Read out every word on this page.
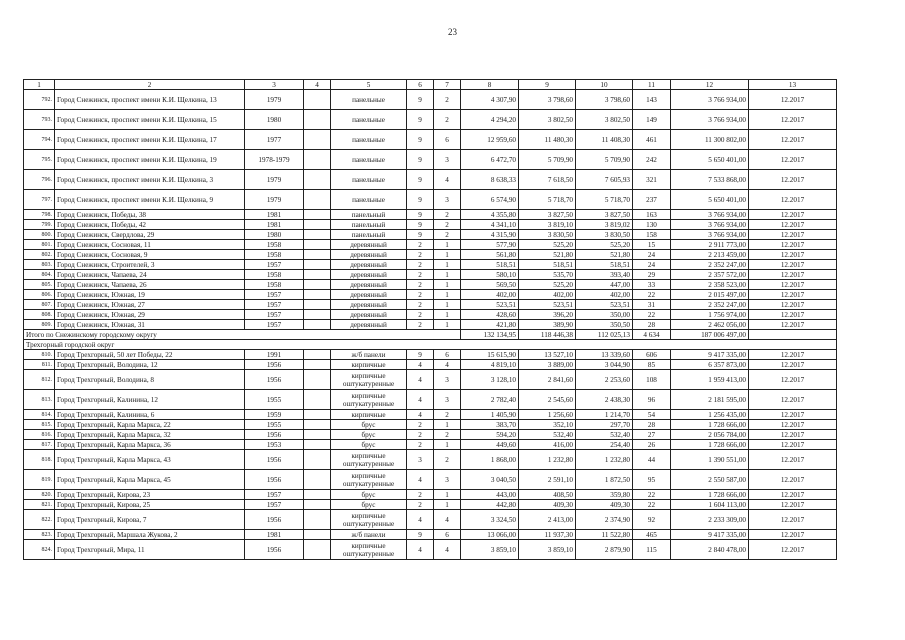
23
1	2	3	4	5	6	7	8	9	10	11	12	13
792.	Город Снежинск, проспект имени К.И. Щелкина, 13	1979		панельные	9	2	4 307,90	3 798,60	3 798,60	143	3 766 934,00	12.2017
793.	Город Снежинск, проспект имени К.И. Щелкина, 15	1980		панельные	9	2	4 294,20	3 802,50	3 802,50	149	3 766 934,00	12.2017
794.	Город Снежинск, проспект имени К.И. Щелкина, 17	1977		панельные	9	6	12 959,60	11 480,30	11 408,30	461	11 300 802,00	12.2017
795.	Город Снежинск, проспект имени К.И. Щелкина, 19	1978-1979		панельные	9	3	6 472,70	5 709,90	5 709,90	242	5 650 401,00	12.2017
796.	Город Снежинск, проспект имени К.И. Щелкина, 3	1979		панельные	9	4	8 638,33	7 618,50	7 605,93	321	7 533 868,00	12.2017
797.	Город Снежинск, проспект имени К.И. Щелкина, 9	1979		панельные	9	3	6 574,90	5 718,70	5 718,70	237	5 650 401,00	12.2017
798.	Город Снежинск, Победы, 38	1981		панельный	9	2	4 355,80	3 827,50	3 827,50	163	3 766 934,00	12.2017
799.	Город Снежинск, Победы, 42	1981		панельный	9	2	4 341,10	3 819,10	3 819,02	130	3 766 934,00	12.2017
800.	Город Снежинск, Свердлова, 29	1980		панельный	9	2	4 315,90	3 830,50	3 830,50	158	3 766 934,00	12.2017
801.	Город Снежинск, Сосновая, 11	1958		деревянный	2	1	577,90	525,20	525,20	15	2 911 773,00	12.2017
802.	Город Снежинск, Сосновая, 9	1958		деревянный	2	1	561,80	521,80	521,80	24	2 213 459,00	12.2017
803.	Город Снежинск, Строителей, 3	1957		деревянный	2	1	518,51	518,51	518,51	24	2 352 247,00	12.2017
804.	Город Снежинск, Чапаева, 24	1958		деревянный	2	1	580,10	535,70	393,40	29	2 357 572,00	12.2017
805.	Город Снежинск, Чапаева, 26	1958		деревянный	2	1	569,50	525,20	447,00	33	2 358 523,00	12.2017
806.	Город Снежинск, Южная, 19	1957		деревянный	2	1	402,00	402,00	402,00	22	2 015 497,00	12.2017
807.	Город Снежинск, Южная, 27	1957		деревянный	2	1	523,51	523,51	523,51	31	2 352 247,00	12.2017
808.	Город Снежинск, Южная, 29	1957		деревянный	2	1	428,60	396,20	350,00	22	1 756 974,00	12.2017
809.	Город Снежинск, Южная, 31	1957		деревянный	2	1	421,80	389,90	350,50	28	2 462 056,00	12.2017
Итого по Снежинскому городскому округу							132 134,95	118 446,38	112 025,13	4 634	187 006 497,00	
Трехгорный городской округ												
810.	Город Трехгорный, 50 лет Победы, 22	1991		ж/б панели	9	6	15 615,90	13 527,10	13 339,60	606	9 417 335,00	12.2017
811.	Город Трехгорный, Володина, 12	1956		кирпичные	4	4	4 819,10	3 889,00	3 044,90	85	6 357 873,00	12.2017
812.	Город Трехгорный, Володина, 8	1956		кирпичные оштукатуренные	4	3	3 128,10	2 841,60	2 253,60	108	1 959 413,00	12.2017
813.	Город Трехгорный, Калинина, 12	1955		кирпичные оштукатуренные	4	3	2 782,40	2 545,60	2 438,30	96	2 181 595,00	12.2017
814.	Город Трехгорный, Калинина, 6	1959		кирпичные	4	2	1 405,90	1 256,60	1 214,70	54	1 256 435,00	12.2017
815.	Город Трехгорный, Карла Маркса, 22	1955		брус	2	1	383,70	352,10	297,70	28	1 728 666,00	12.2017
816.	Город Трехгорный, Карла Маркса, 32	1956		брус	2	2	594,20	532,40	532,40	27	2 056 784,00	12.2017
817.	Город Трехгорный, Карла Маркса, 36	1953		брус	2	1	449,60	416,00	254,40	26	1 728 666,00	12.2017
818.	Город Трехгорный, Карла Маркса, 43	1956		кирпичные оштукатуренные	3	2	1 868,00	1 232,80	1 232,80	44	1 390 551,00	12.2017
819.	Город Трехгорный, Карла Маркса, 45	1956		кирпичные оштукатуренные	4	3	3 040,50	2 591,10	1 872,50	95	2 550 587,00	12.2017
820.	Город Трехгорный, Кирова, 23	1957		брус	2	1	443,00	408,50	359,80	22	1 728 666,00	12.2017
821.	Город Трехгорный, Кирова, 25	1957		брус	2	1	442,80	409,30	409,30	22	1 604 113,00	12.2017
822.	Город Трехгорный, Кирова, 7	1956		кирпичные оштукатуренные	4	4	3 324,50	2 413,00	2 374,90	92	2 233 309,00	12.2017
823.	Город Трехгорный, Маршала Жукова, 2	1981		ж/б панели	9	6	13 066,00	11 937,30	11 522,80	465	9 417 335,00	12.2017
824.	Город Трехгорный, Мира, 11	1956		кирпичные оштукатуренные	4	4	3 859,10	3 859,10	2 879,90	115	2 840 478,00	12.2017
